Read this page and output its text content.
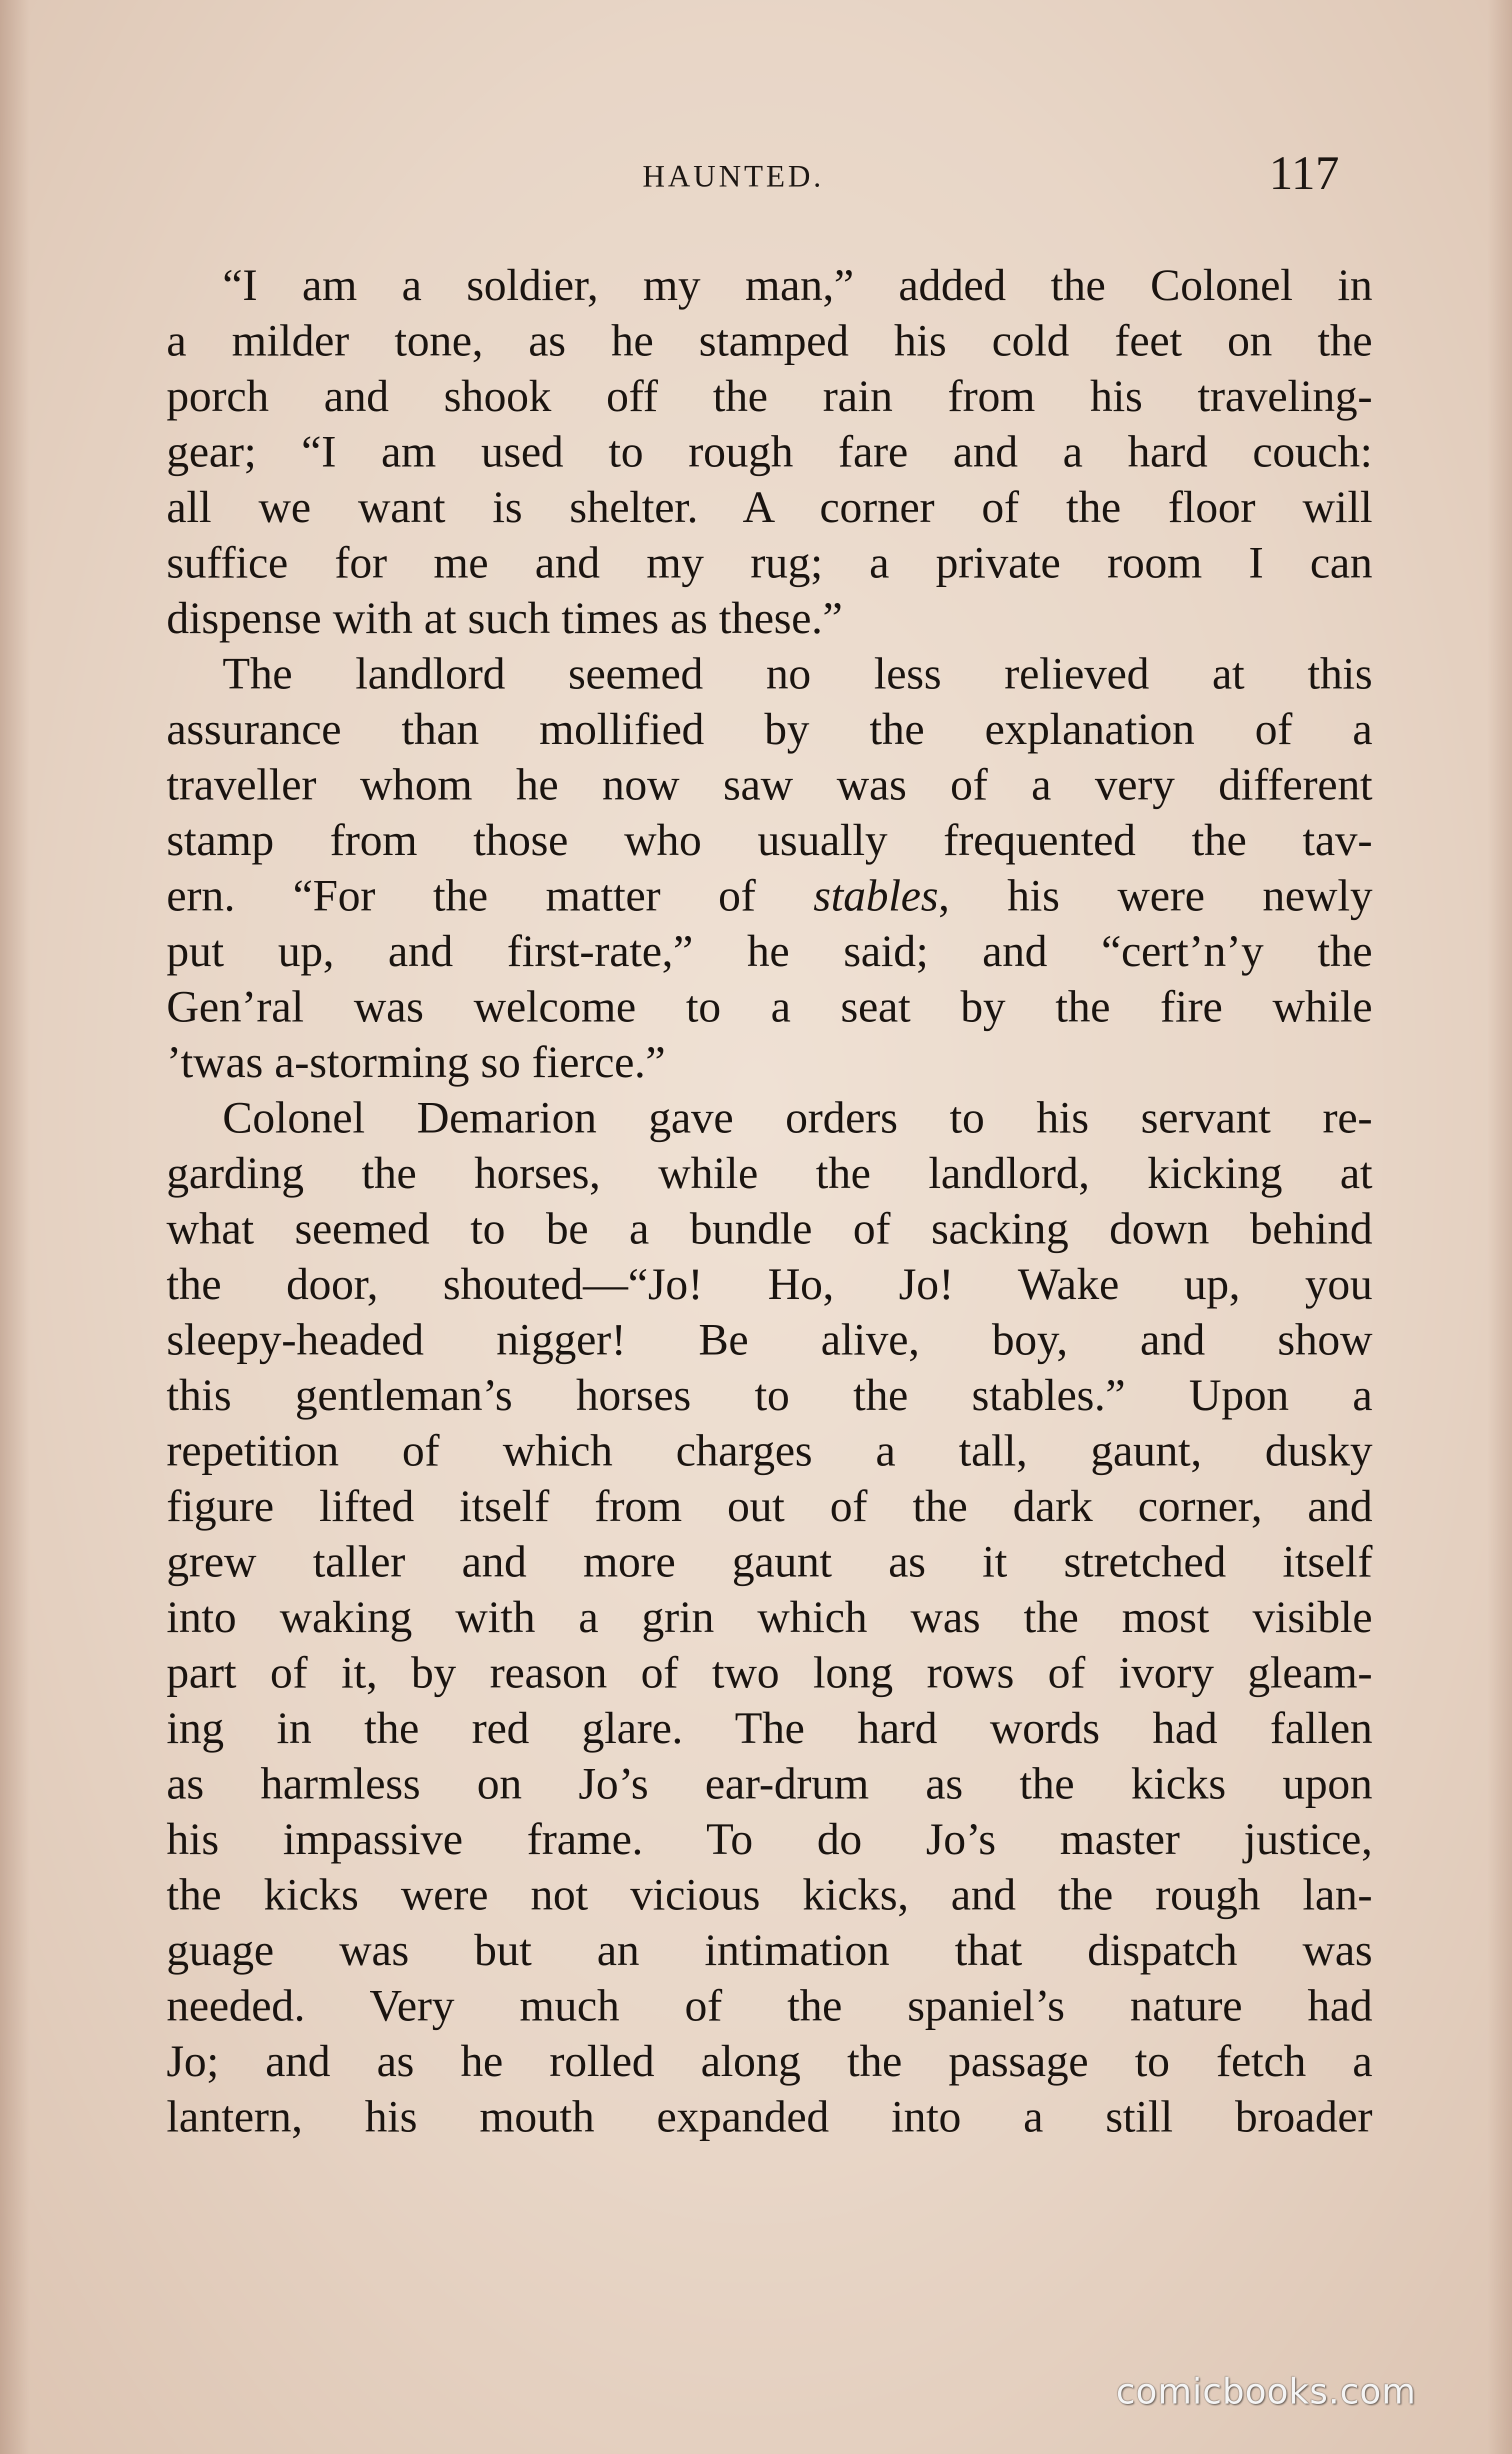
HAUNTED.	117
“I am a soldier, my man,” added the Colonel in
a milder tone, as he stamped his cold feet on the
porch and shook off the rain from his traveling-
gear; “I am used to rough fare and a hard couch:
all we want is shelter. A corner of the floor will
suffice for me and my rug; a private room I can
dispense with at such times as these.”
The landlord seemed no less relieved at this
assurance than mollified by the explanation of a
traveller whom he now saw was of a very different
stamp from those who usually frequented the tav-
ern. “For the matter of stables, his were newly
put up, and first-rate,” he said; and “cert’n’y the
Gen’ral was welcome to a seat by the fire while
’twas a-storming so fierce.”
Colonel Demarion gave orders to his servant re-
garding the horses, while the landlord, kicking at
what seemed to be a bundle of sacking down behind
the door, shouted—“Jo! Ho, Jo! Wake up, you
sleepy-headed nigger! Be alive, boy, and show
this gentleman’s horses to the stables.” Upon a
repetition of which charges a tall, gaunt, dusky
figure lifted itself from out of the dark corner, and
grew taller and more gaunt as it stretched itself
into waking with a grin which was the most visible
part of it, by reason of two long rows of ivory gleam-
ing in the red glare. The hard words had fallen
as harmless on Jo’s ear-drum as the kicks upon
his impassive frame. To do Jo’s master justice,
the kicks were not vicious kicks, and the rough lan-
guage was but an intimation that dispatch was
needed. Very much of the spaniel’s nature had
Jo; and as he rolled along the passage to fetch a
lantern, his mouth expanded into a still broader
comicbooks.com
